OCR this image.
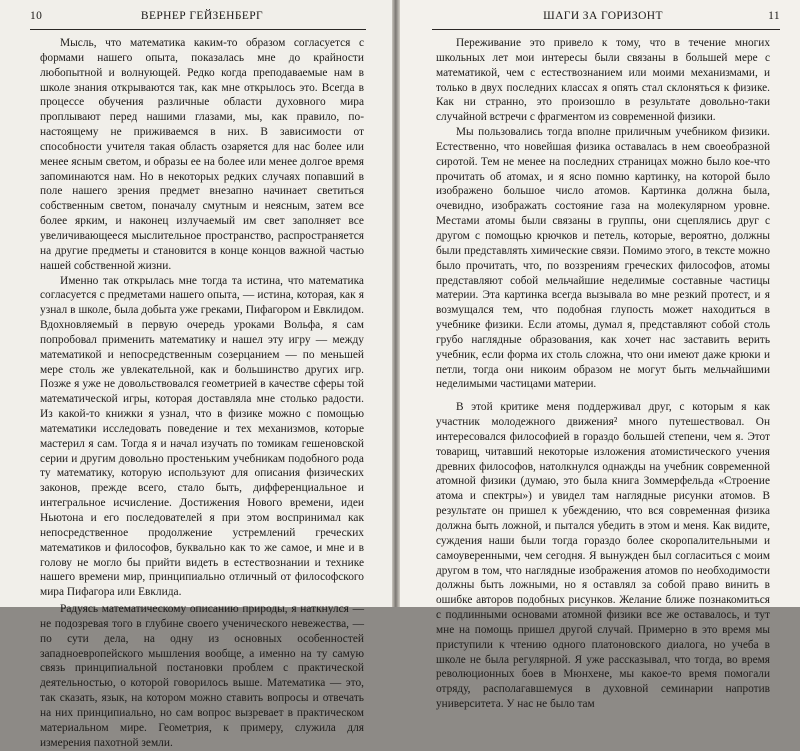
10	ВЕРНЕР ГЕЙЗЕНБЕРГ

Мысль, что математика каким-то образом согласуется с формами нашего опыта, показалась мне до крайности любопытной и волнующей. Редко когда преподаваемые нам в школе знания открываются так, как мне открылось это. Всегда в процессе обучения различные области духовного мира проплывают перед нашими глазами, мы, как правило, по-настоящему не приживаемся в них. В зависимости от способности учителя такая область озаряется для нас более или менее ясным светом, и образы ее на более или менее долгое время запоминаются нам. Но в некоторых редких случаях попавший в поле нашего зрения предмет внезапно начинает светиться собственным светом, поначалу смутным и неясным, затем все более ярким, и наконец излучаемый им свет заполняет все увеличивающееся мыслительное пространство, распространяется на другие предметы и становится в конце концов важной частью нашей собственной жизни.

Именно так открылась мне тогда та истина, что математика согласуется с предметами нашего опыта, — истина, которая, как я узнал в школе, была добыта уже греками, Пифагором и Евклидом. Вдохновляемый в первую очередь уроками Вольфа, я сам попробовал применить математику и нашел эту игру — между математикой и непосредственным созерцанием — по меньшей мере столь же увлекательной, как и большинство других игр. Позже я уже не довольствовался геометрией в качестве сферы той математической игры, которая доставляла мне столько радости. Из какой-то книжки я узнал, что в физике можно с помощью математики исследовать поведение и тех механизмов, которые мастерил я сам. Тогда я и начал изучать по томикам гешеновской серии и другим довольно простеньким учебникам подобного рода ту математику, которую используют для описания физических законов, прежде всего, стало быть, дифференциальное и интегральное исчисление. Достижения Нового времени, идеи Ньютона и его последователей я при этом воспринимал как непосредственное продолжение устремлений греческих математиков и философов, буквально как то же самое, и мне и в голову не могло бы прийти видеть в естествознании и технике нашего времени мир, принципиально отличный от философского мира Пифагора или Евклида.

Радуясь математическому описанию природы, я наткнулся — не подозревая того в глубине своего ученического невежества, — по сути дела, на одну из основных особенностей западноевропейского мышления вообще, а именно на ту самую связь принципиальной постановки проблем с практической деятельностью, о которой говорилось выше. Математика — это, так сказать, язык, на котором можно ставить вопросы и отвечать на них принципиально, но сам вопрос вызревает в практическом материальном мире. Геометрия, к примеру, служила для измерения пахотной земли.

ШАГИ ЗА ГОРИЗОНТ	11

Переживание это привело к тому, что в течение многих школьных лет мои интересы были связаны в большей мере с математикой, чем с естествознанием или моими механизмами, и только в двух последних классах я опять стал склоняться к физике. Как ни странно, это произошло в результате довольно-таки случайной встречи с фрагментом из современной физики.

Мы пользовались тогда вполне приличным учебником физики. Естественно, что новейшая физика оставалась в нем своеобразной сиротой. Тем не менее на последних страницах можно было кое-что прочитать об атомах, и я ясно помню картинку, на которой было изображено большое число атомов. Картинка должна была, очевидно, изображать состояние газа на молекулярном уровне. Местами атомы были связаны в группы, они сцеплялись друг с другом с помощью крючков и петель, которые, вероятно, должны были представлять химические связи. Помимо этого, в тексте можно было прочитать, что, по воззрениям греческих философов, атомы представляют собой мельчайшие неделимые составные частицы материи. Эта картинка всегда вызывала во мне резкий протест, и я возмущался тем, что подобная глупость может находиться в учебнике физики. Если атомы, думал я, представляют собой столь грубо наглядные образования, как хочет нас заставить верить учебник, если форма их столь сложна, что они имеют даже крюки и петли, тогда они никоим образом не могут быть мельчайшими неделимыми частицами материи.

В этой критике меня поддерживал друг, с которым я как участник молодежного движения² много путешествовал. Он интересовался философией в гораздо большей степени, чем я. Этот товарищ, читавший некоторые изложения атомистического учения древних философов, натолкнулся однажды на учебник современной атомной физики (думаю, это была книга Зоммерфельда «Строение атома и спектры») и увидел там наглядные рисунки атомов. В результате он пришел к убеждению, что вся современная физика должна быть ложной, и пытался убедить в этом и меня. Как видите, суждения наши были тогда гораздо более скоропалительными и самоуверенными, чем сегодня. Я вынужден был согласиться с моим другом в том, что наглядные изображения атомов по необходимости должны быть ложными, но я оставлял за собой право винить в ошибке авторов подобных рисунков. Желание ближе познакомиться с подлинными основами атомной физики все же оставалось, и тут мне на помощь пришел другой случай. Примерно в это время мы приступили к чтению одного платоновского диалога, но учеба в школе не была регулярной. Я уже рассказывал, что тогда, во время революционных боев в Мюнхене, мы какое-то время помогали отряду, располагавшемуся в духовной семинарии напротив университета. У нас не было там
